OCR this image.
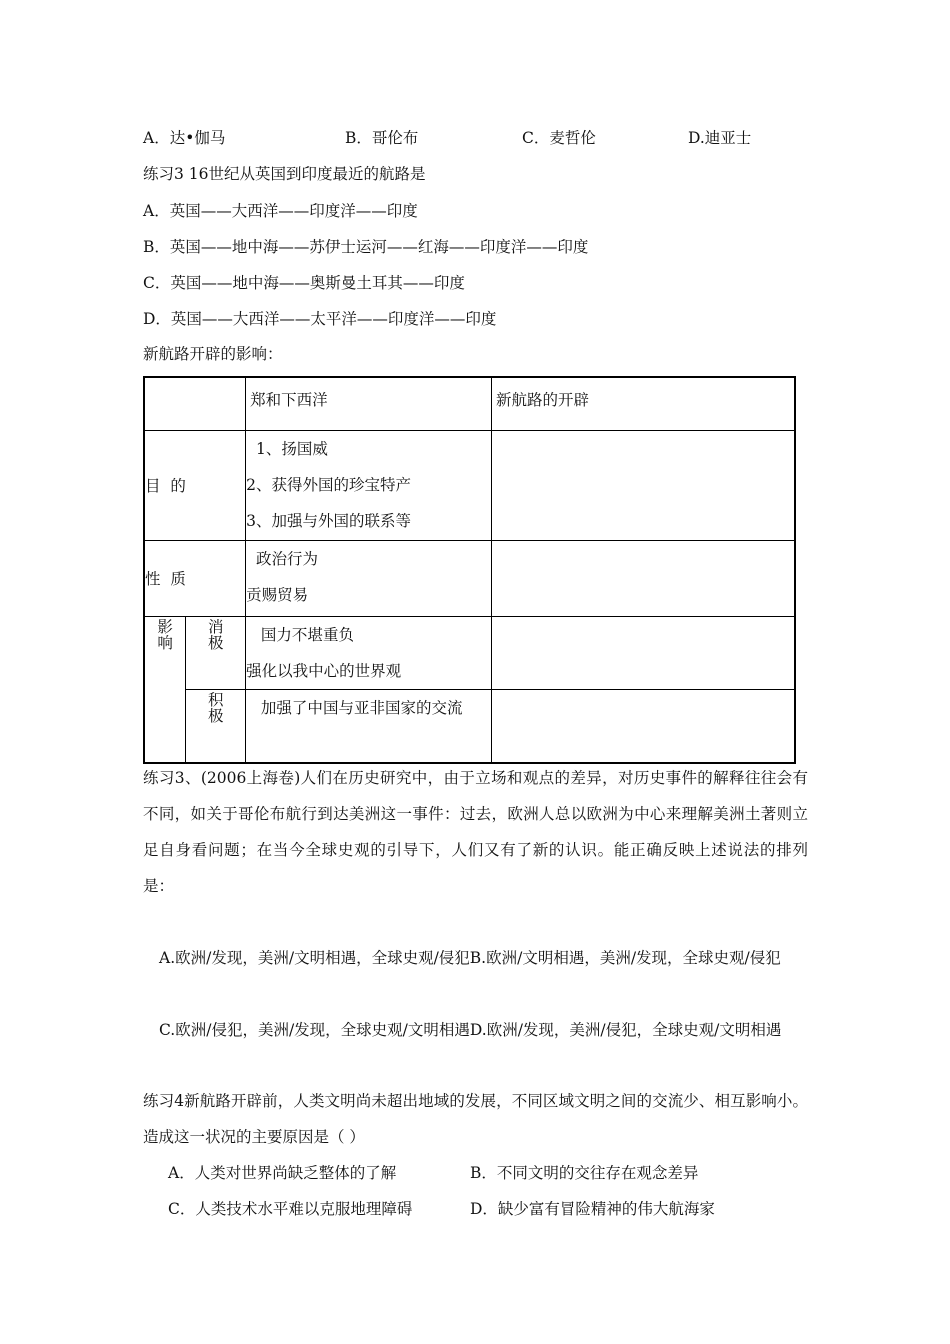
A．达•伽马	B．哥伦布	C．麦哲伦	D.迪亚士
练习3 16世纪从英国到印度最近的航路是
A．英国——大西洋——印度洋——印度
B．英国——地中海——苏伊士运河——红海——印度洋——印度
C．英国——地中海——奥斯曼土耳其——印度
D．英国——大西洋——太平洋——印度洋——印度
新航路开辟的影响：
		郑和下西洋	新航路的开辟
目  的		1、扬国威
2、获得外国的珍宝特产
3、加强与外国的联系等	

性  质		政治行为
贡赐贸易	

影响	消极	国力不堪重负
强化以我中心的世界观	

	积极	加强了中国与亚非国家的交流	

练习3、(2006上海卷)人们在历史研究中，由于立场和观点的差异，对历史事件的解释往往会有不同，如关于哥伦布航行到达美洲这一事件：过去，欧洲人总以欧洲为中心来理解美洲土著则立足自身看问题；在当今全球史观的引导下，人们又有了新的认识。能正确反映上述说法的排列是：
A.欧洲/发现，美洲/文明相遇，全球史观/侵犯B.欧洲/文明相遇，美洲/发现，全球史观/侵犯
C.欧洲/侵犯，美洲/发现，全球史观/文明相遇D.欧洲/发现，美洲/侵犯，全球史观/文明相遇
练习4新航路开辟前，人类文明尚未超出地域的发展，不同区域文明之间的交流少、相互影响小。造成这一状况的主要原因是（ ）
A．人类对世界尚缺乏整体的了解	B．不同文明的交往存在观念差异
C．人类技术水平难以克服地理障碍	D．缺少富有冒险精神的伟大航海家
